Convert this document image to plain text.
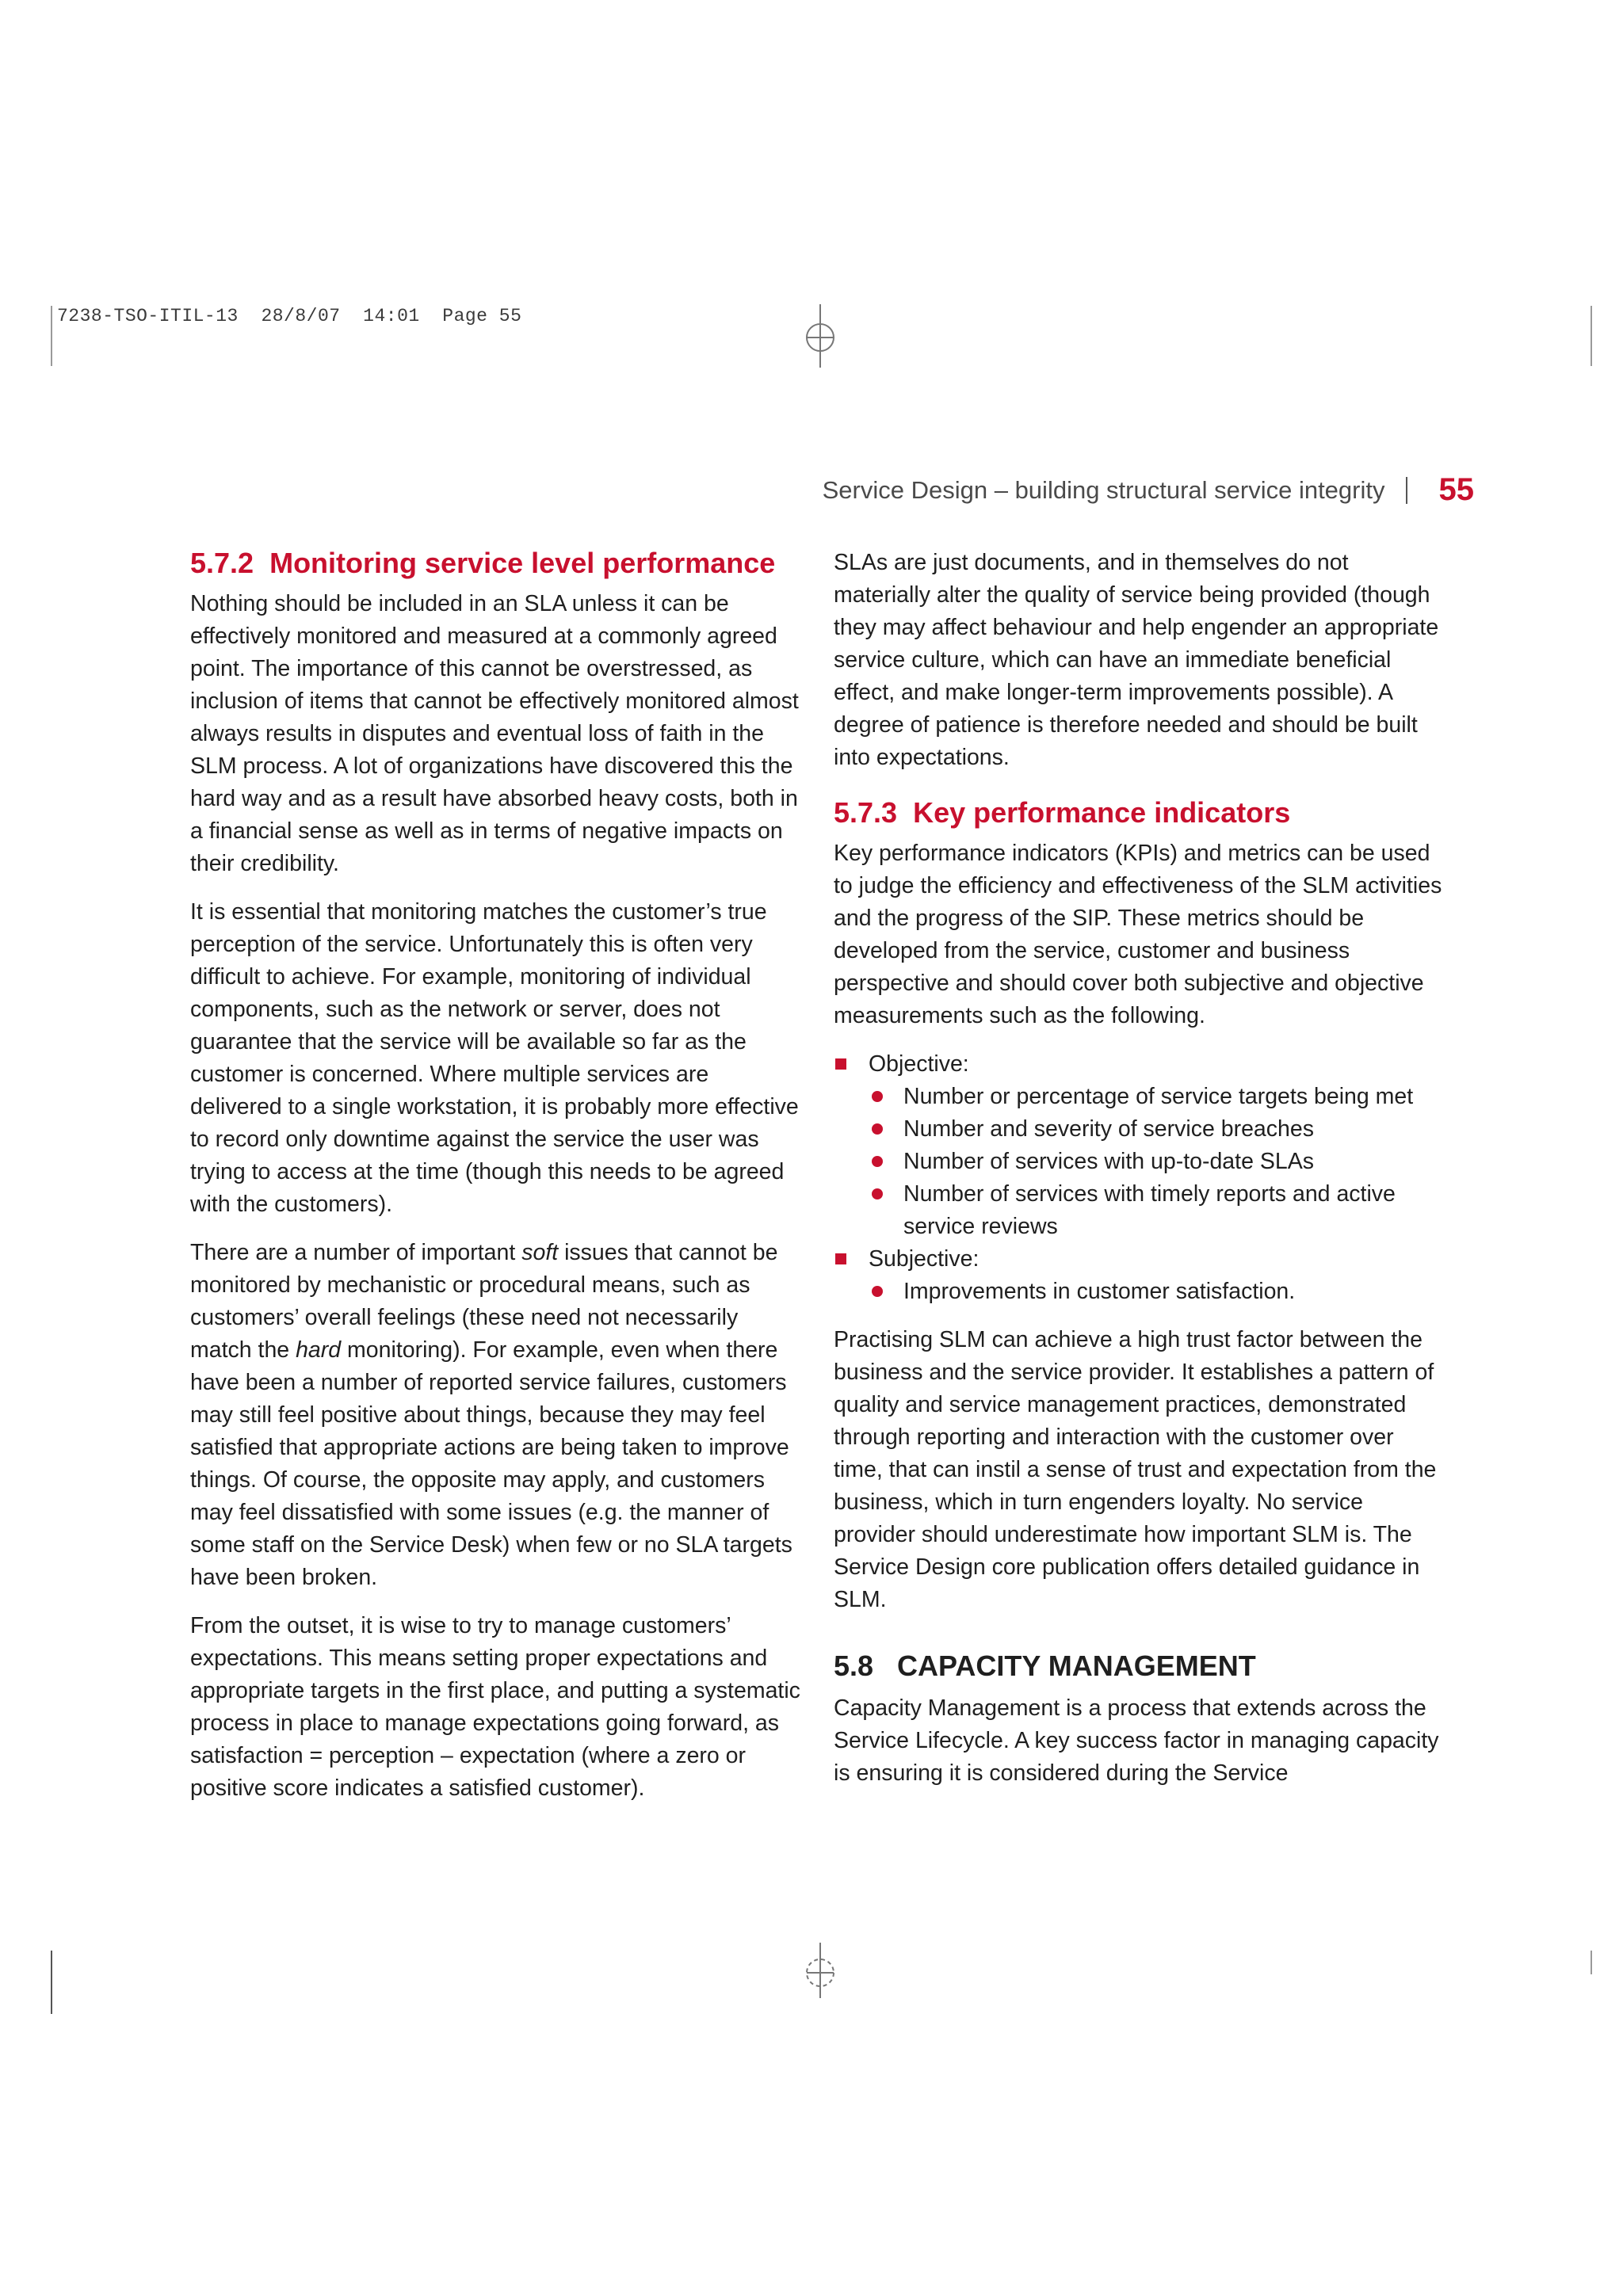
7238-TSO-ITIL-13  28/8/07  14:01  Page 55
Service Design – building structural service integrity 55
5.7.2 Monitoring service level performance

Nothing should be included in an SLA unless it can be effectively monitored and measured at a commonly agreed point. The importance of this cannot be overstressed, as inclusion of items that cannot be effectively monitored almost always results in disputes and eventual loss of faith in the SLM process. A lot of organizations have discovered this the hard way and as a result have absorbed heavy costs, both in a financial sense as well as in terms of negative impacts on their credibility.

It is essential that monitoring matches the customer’s true perception of the service. Unfortunately this is often very difficult to achieve. For example, monitoring of individual components, such as the network or server, does not guarantee that the service will be available so far as the customer is concerned. Where multiple services are delivered to a single workstation, it is probably more effective to record only downtime against the service the user was trying to access at the time (though this needs to be agreed with the customers).

There are a number of important soft issues that cannot be monitored by mechanistic or procedural means, such as customers’ overall feelings (these need not necessarily match the hard monitoring). For example, even when there have been a number of reported service failures, customers may still feel positive about things, because they may feel satisfied that appropriate actions are being taken to improve things. Of course, the opposite may apply, and customers may feel dissatisfied with some issues (e.g. the manner of some staff on the Service Desk) when few or no SLA targets have been broken.

From the outset, it is wise to try to manage customers’ expectations. This means setting proper expectations and appropriate targets in the first place, and putting a systematic process in place to manage expectations going forward, as satisfaction = perception – expectation (where a zero or positive score indicates a satisfied customer).

SLAs are just documents, and in themselves do not materially alter the quality of service being provided (though they may affect behaviour and help engender an appropriate service culture, which can have an immediate beneficial effect, and make longer-term improvements possible). A degree of patience is therefore needed and should be built into expectations.

5.7.3 Key performance indicators

Key performance indicators (KPIs) and metrics can be used to judge the efficiency and effectiveness of the SLM activities and the progress of the SIP. These metrics should be developed from the service, customer and business perspective and should cover both subjective and objective measurements such as the following.

Objective:
Number or percentage of service targets being met
Number and severity of service breaches
Number of services with up-to-date SLAs
Number of services with timely reports and active service reviews
Subjective:
Improvements in customer satisfaction.

Practising SLM can achieve a high trust factor between the business and the service provider. It establishes a pattern of quality and service management practices, demonstrated through reporting and interaction with the customer over time, that can instil a sense of trust and expectation from the business, which in turn engenders loyalty. No service provider should underestimate how important SLM is. The Service Design core publication offers detailed guidance in SLM.

5.8 CAPACITY MANAGEMENT

Capacity Management is a process that extends across the Service Lifecycle. A key success factor in managing capacity is ensuring it is considered during the Service
